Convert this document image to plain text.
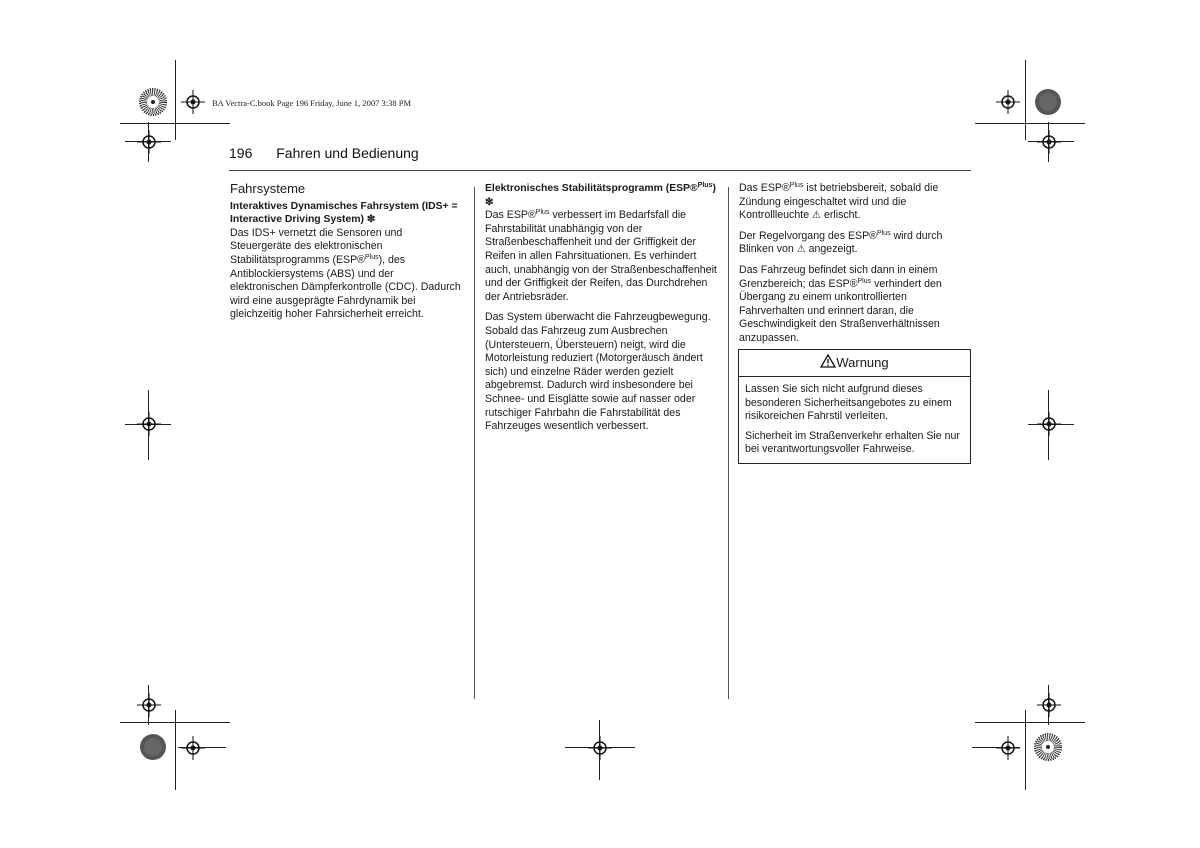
BA Vectra-C.book Page 196 Friday, June 1, 2007 3:38 PM
196 Fahren und Bedienung
Fahrsysteme
Interaktives Dynamisches Fahrsystem (IDS+ = Interactive Driving System) ❇

Das IDS+ vernetzt die Sensoren und Steuergeräte des elektronischen Stabilitätsprogramms (ESP®$^{Plus}$), des Antiblockiersystems (ABS) und der elektronischen Dämpferkontrolle (CDC). Dadurch wird eine ausgeprägte Fahrdynamik bei gleichzeitig hoher Fahrsicherheit erreicht.

Elektronisches Stabilitätsprogramm (ESP®$^{Plus}$) ❇

Das ESP®$^{Plus}$ verbessert im Bedarfsfall die Fahrstabilität unabhängig von der Straßenbeschaffenheit und der Griffigkeit der Reifen in allen Fahrsituationen. Es verhindert auch, unabhängig von der Straßenbeschaffenheit und der Griffigkeit der Reifen, das Durchdrehen der Antriebsräder.

Das System überwacht die Fahrzeugbewegung. Sobald das Fahrzeug zum Ausbrechen (Untersteuern, Übersteuern) neigt, wird die Motorleistung reduziert (Motorgeräusch ändert sich) und einzelne Räder werden gezielt abgebremst. Dadurch wird insbesondere bei Schnee- und Eisglätte sowie auf nasser oder rutschiger Fahrbahn die Fahrstabilität des Fahrzeuges wesentlich verbessert.

Das ESP®$^{Plus}$ ist betriebsbereit, sobald die Zündung eingeschaltet wird und die Kontrollleuchte ⚠ erlischt.

Der Regelvorgang des ESP®$^{Plus}$ wird durch Blinken von ⚠ angezeigt.

Das Fahrzeug befindet sich dann in einem Grenzbereich; das ESP®$^{Plus}$ verhindert den Übergang zu einem unkontrollierten Fahrverhalten und erinnert daran, die Geschwindigkeit den Straßenverhältnissen anzupassen.

Warnung

Lassen Sie sich nicht aufgrund dieses besonderen Sicherheitsangebotes zu einem risikoreichen Fahrstil verleiten.

Sicherheit im Straßenverkehr erhalten Sie nur bei verantwortungsvoller Fahrweise.
